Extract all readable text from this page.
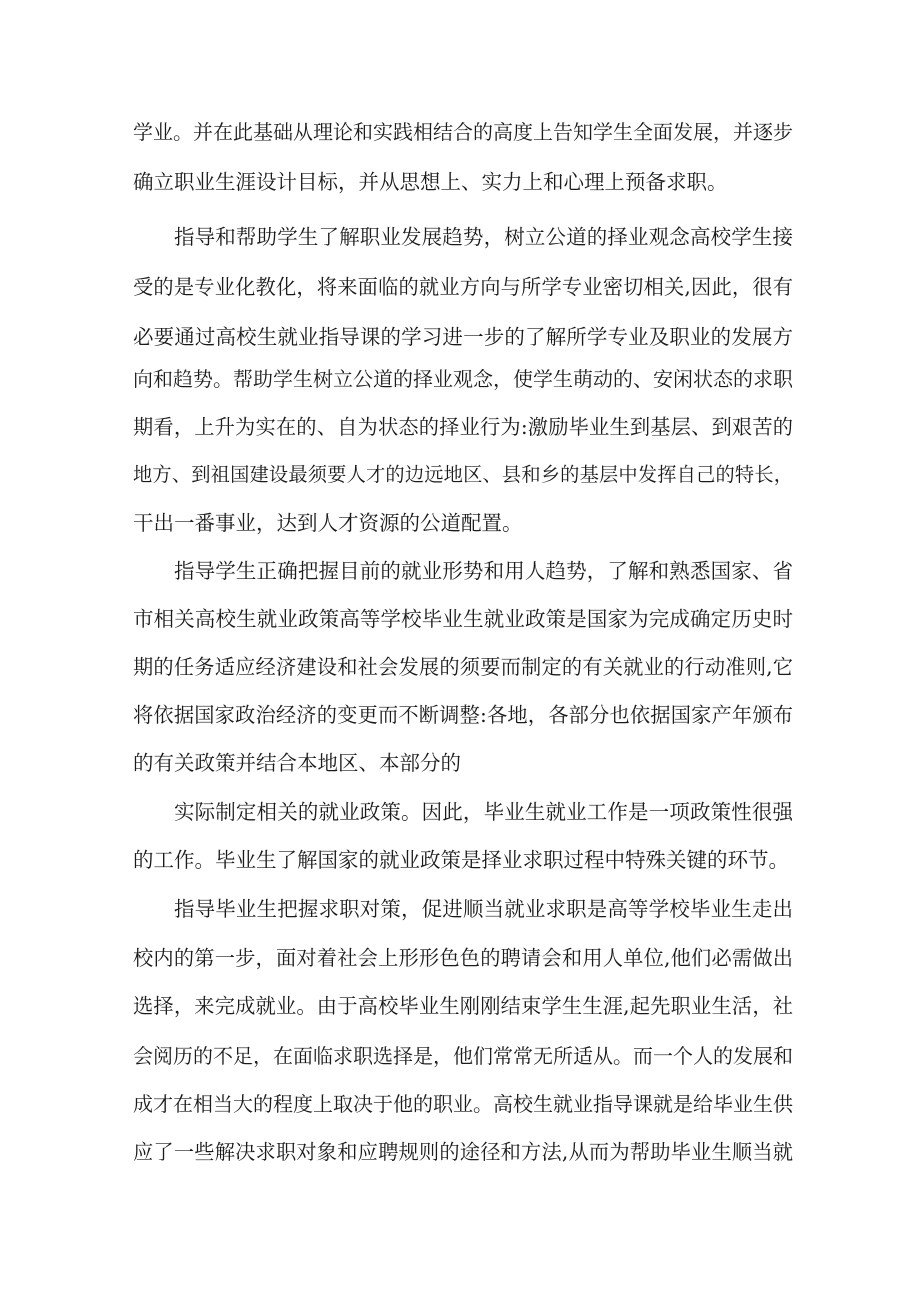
学业。并在此基础从理论和实践相结合的高度上告知学生全面发展，并逐步

确立职业生涯设计目标，并从思想上、实力上和心理上预备求职。

指导和帮助学生了解职业发展趋势，树立公道的择业观念高校学生接

受的是专业化教化，将来面临的就业方向与所学专业密切相关,因此，很有

必要通过高校生就业指导课的学习进一步的了解所学专业及职业的发展方

向和趋势。帮助学生树立公道的择业观念，使学生萌动的、安闲状态的求职

期看，上升为实在的、自为状态的择业行为:激励毕业生到基层、到艰苦的

地方、到祖国建设最须要人才的边远地区、县和乡的基层中发挥自己的特长，

干出一番事业，达到人才资源的公道配置。

指导学生正确把握目前的就业形势和用人趋势，了解和熟悉国家、省

市相关高校生就业政策高等学校毕业生就业政策是国家为完成确定历史时

期的任务适应经济建设和社会发展的须要而制定的有关就业的行动准则,它

将依据国家政治经济的变更而不断调整:各地，各部分也依据国家产年颁布

的有关政策并结合本地区、本部分的

实际制定相关的就业政策。因此，毕业生就业工作是一项政策性很强

的工作。毕业生了解国家的就业政策是择业求职过程中特殊关键的环节。

指导毕业生把握求职对策，促进顺当就业求职是高等学校毕业生走出

校内的第一步，面对着社会上形形色色的聘请会和用人单位,他们必需做出

选择，来完成就业。由于高校毕业生刚刚结束学生生涯,起先职业生活，社

会阅历的不足，在面临求职选择是，他们常常无所适从。而一个人的发展和

成才在相当大的程度上取决于他的职业。高校生就业指导课就是给毕业生供

应了一些解决求职对象和应聘规则的途径和方法,从而为帮助毕业生顺当就
